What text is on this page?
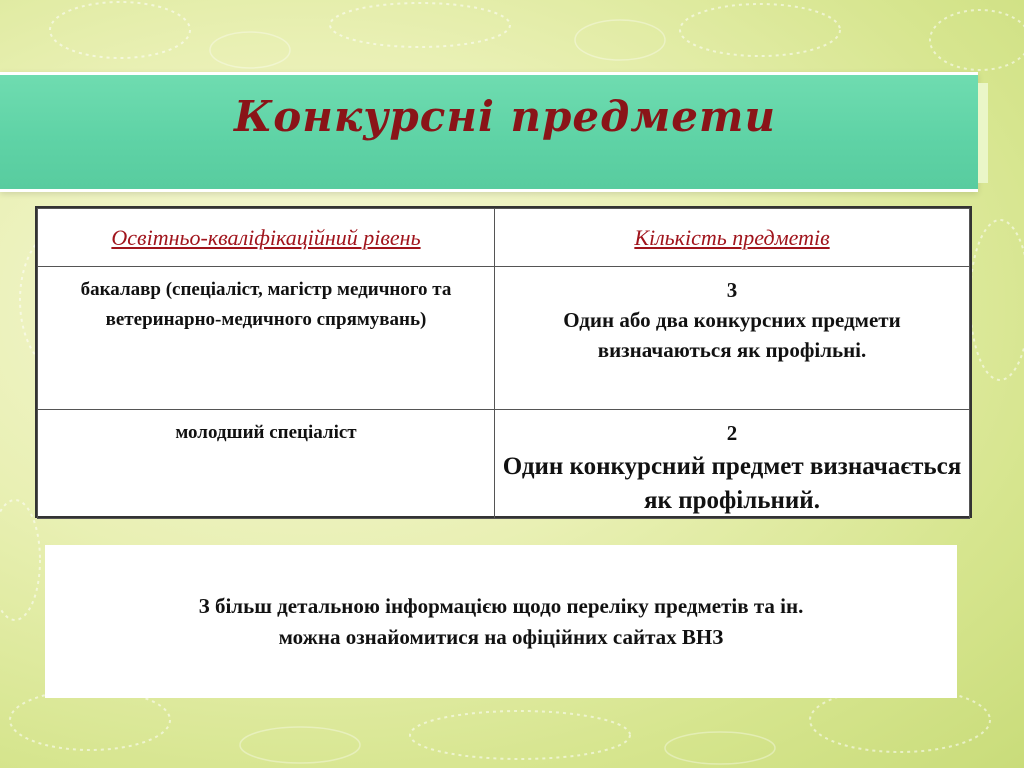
Конкурсні предмети
Освітньо-кваліфікаційний рівень	Кількість предметів
бакалавр (спеціаліст, магістр медичного та ветеринарно-медичного спрямувань)	3
Один або два конкурсних предмети визначаються як профільні.

молодший спеціаліст	2
Один конкурсний предмет визначається як профільний.
З більш детальною інформацією щодо переліку предметів та ін.
можна ознайомитися на офіційних сайтах ВНЗ
